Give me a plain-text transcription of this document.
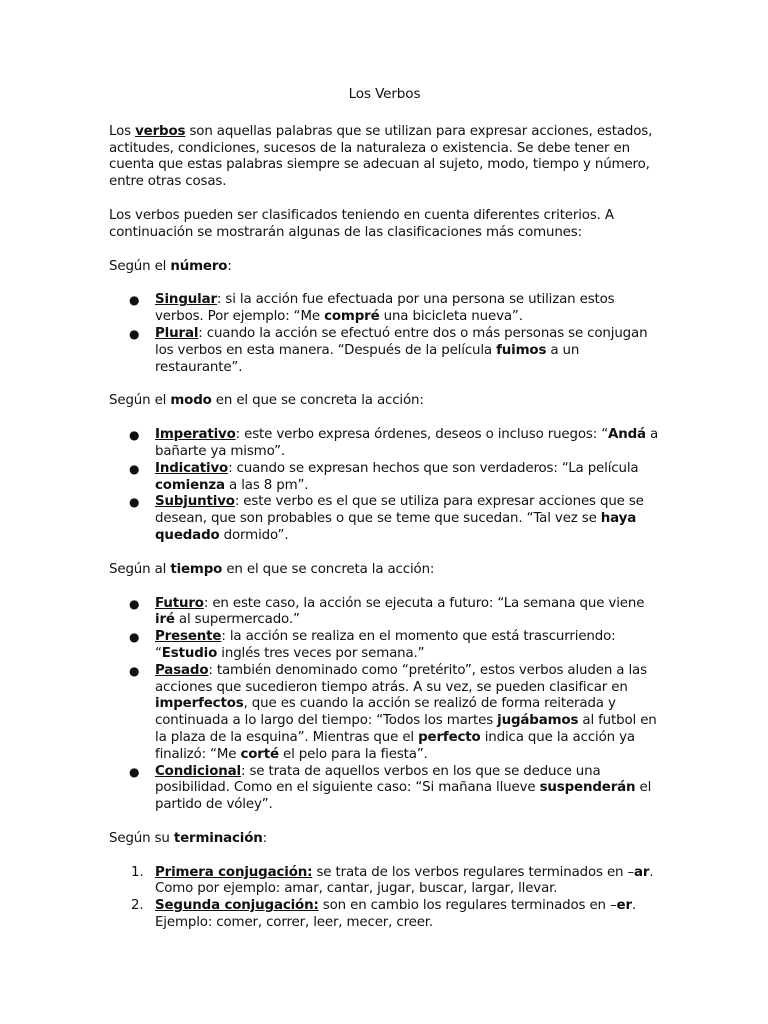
Los Verbos

Los verbos son aquellas palabras que se utilizan para expresar acciones, estados, actitudes, condiciones, sucesos de la naturaleza o existencia. Se debe tener en cuenta que estas palabras siempre se adecuan al sujeto, modo, tiempo y número, entre otras cosas.

Los verbos pueden ser clasificados teniendo en cuenta diferentes criterios. A continuación se mostrarán algunas de las clasificaciones más comunes:

Según el número:

● Singular: si la acción fue efectuada por una persona se utilizan estos verbos. Por ejemplo: “Me compré una bicicleta nueva”.
● Plural: cuando la acción se efectuó entre dos o más personas se conjugan los verbos en esta manera. “Después de la película fuimos a un restaurante”.

Según el modo en el que se concreta la acción:

● Imperativo: este verbo expresa órdenes, deseos o incluso ruegos: “Andá a bañarte ya mismo”.
● Indicativo: cuando se expresan hechos que son verdaderos: “La película comienza a las 8 pm”.
● Subjuntivo: este verbo es el que se utiliza para expresar acciones que se desean, que son probables o que se teme que sucedan. “Tal vez se haya quedado dormido”.

Según al tiempo en el que se concreta la acción:

● Futuro: en este caso, la acción se ejecuta a futuro: “La semana que viene iré al supermercado.”
● Presente: la acción se realiza en el momento que está trascurriendo: “Estudio inglés tres veces por semana.”
● Pasado: también denominado como “pretérito”, estos verbos aluden a las acciones que sucedieron tiempo atrás. A su vez, se pueden clasificar en imperfectos, que es cuando la acción se realizó de forma reiterada y continuada a lo largo del tiempo: “Todos los martes jugábamos al futbol en la plaza de la esquina”. Mientras que el perfecto indica que la acción ya finalizó: “Me corté el pelo para la fiesta”.
● Condicional: se trata de aquellos verbos en los que se deduce una posibilidad. Como en el siguiente caso: “Si mañana llueve suspenderán el partido de vóley”.

Según su terminación:

1. Primera conjugación: se trata de los verbos regulares terminados en –ar. Como por ejemplo: amar, cantar, jugar, buscar, largar, llevar.
2. Segunda conjugación: son en cambio los regulares terminados en –er. Ejemplo: comer, correr, leer, mecer, creer.
